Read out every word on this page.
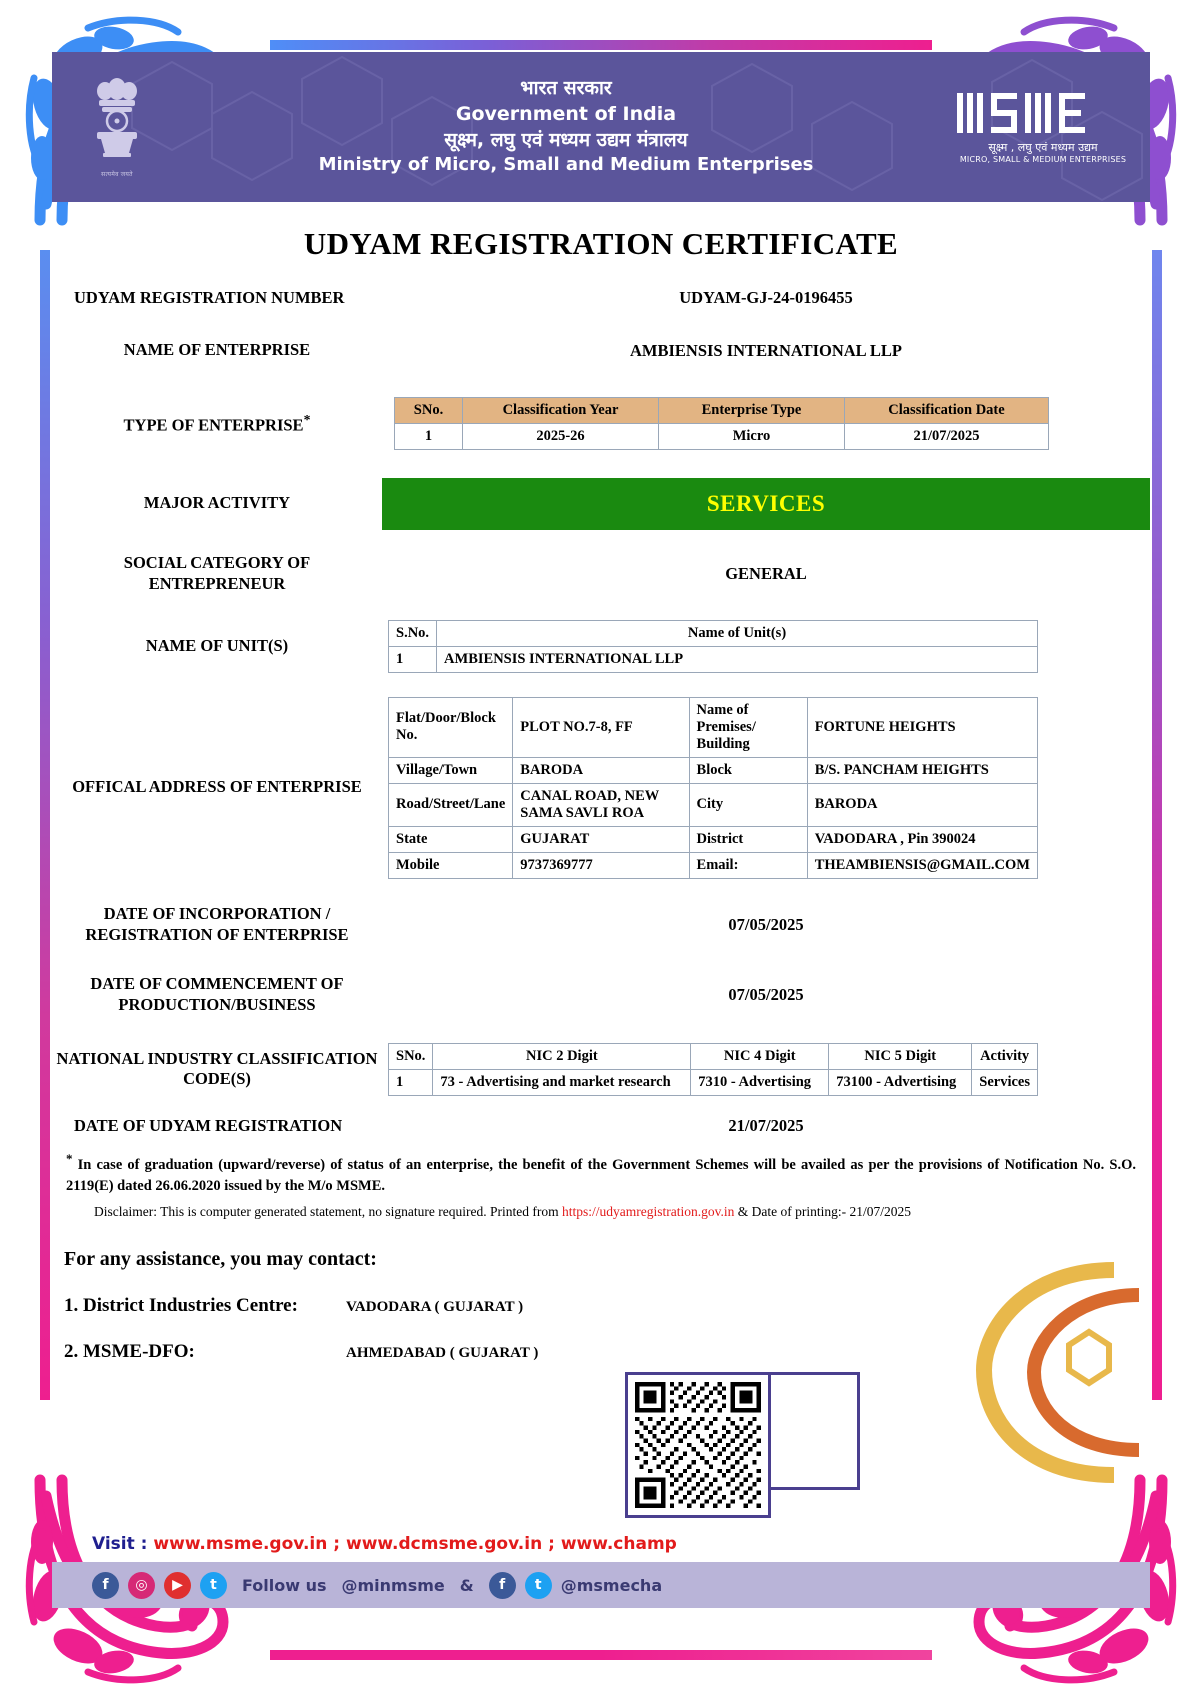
सत्यमेव जयते
भारत सरकार
Government of India
सूक्ष्म, लघु एवं मध्यम उद्यम मंत्रालय
Ministry of Micro, Small and Medium Enterprises
सूक्ष्म , लघु एवं मध्यम उद्यम
MICRO, SMALL & MEDIUM ENTERPRISES
UDYAM REGISTRATION CERTIFICATE
UDYAM REGISTRATION NUMBER	UDYAM-GJ-24-0196455
NAME OF ENTERPRISE	AMBIENSIS INTERNATIONAL LLP
TYPE OF ENTERPRISE*
SNo.	Classification Year	Enterprise Type	Classification Date
1	2025-26	Micro	21/07/2025
MAJOR ACTIVITY	SERVICES
SOCIAL CATEGORY OF ENTREPRENEUR
GENERAL
NAME OF UNIT(S)
S.No.	Name of Unit(s)
1	AMBIENSIS INTERNATIONAL LLP
OFFICAL ADDRESS OF ENTERPRISE
Flat/Door/Block No.	PLOT NO.7-8, FF	Name of Premises/ Building	FORTUNE HEIGHTS
Village/Town	BARODA	Block	B/S. PANCHAM HEIGHTS
Road/Street/Lane	CANAL ROAD, NEW SAMA SAVLI ROA	City	BARODA
State	GUJARAT	District	VADODARA , Pin 390024
Mobile	9737369777	Email:	THEAMBIENSIS@GMAIL.COM
DATE OF INCORPORATION / REGISTRATION OF ENTERPRISE
07/05/2025
DATE OF COMMENCEMENT OF PRODUCTION/BUSINESS
07/05/2025
NATIONAL INDUSTRY CLASSIFICATION CODE(S)
SNo.	NIC 2 Digit	NIC 4 Digit	NIC 5 Digit	Activity
1	73 - Advertising and market research	7310 - Advertising	73100 - Advertising	Services
DATE OF UDYAM REGISTRATION	21/07/2025
* In case of graduation (upward/reverse) of status of an enterprise, the benefit of the Government Schemes will be availed as per the provisions of Notification No. S.O. 2119(E) dated 26.06.2020 issued by the M/o MSME.
Disclaimer: This is computer generated statement, no signature required. Printed from https://udyamregistration.gov.in & Date of printing:- 21/07/2025
For any assistance, you may contact:
1. District Industries Centre:	VADODARA ( GUJARAT )
2. MSME-DFO:	AHMEDABAD ( GUJARAT )
Visit : www.msme.gov.in ; www.dcmsme.gov.in ; www.champ
f	◎	▶	t	Follow us @minmsme &	f	t	@msmecha
